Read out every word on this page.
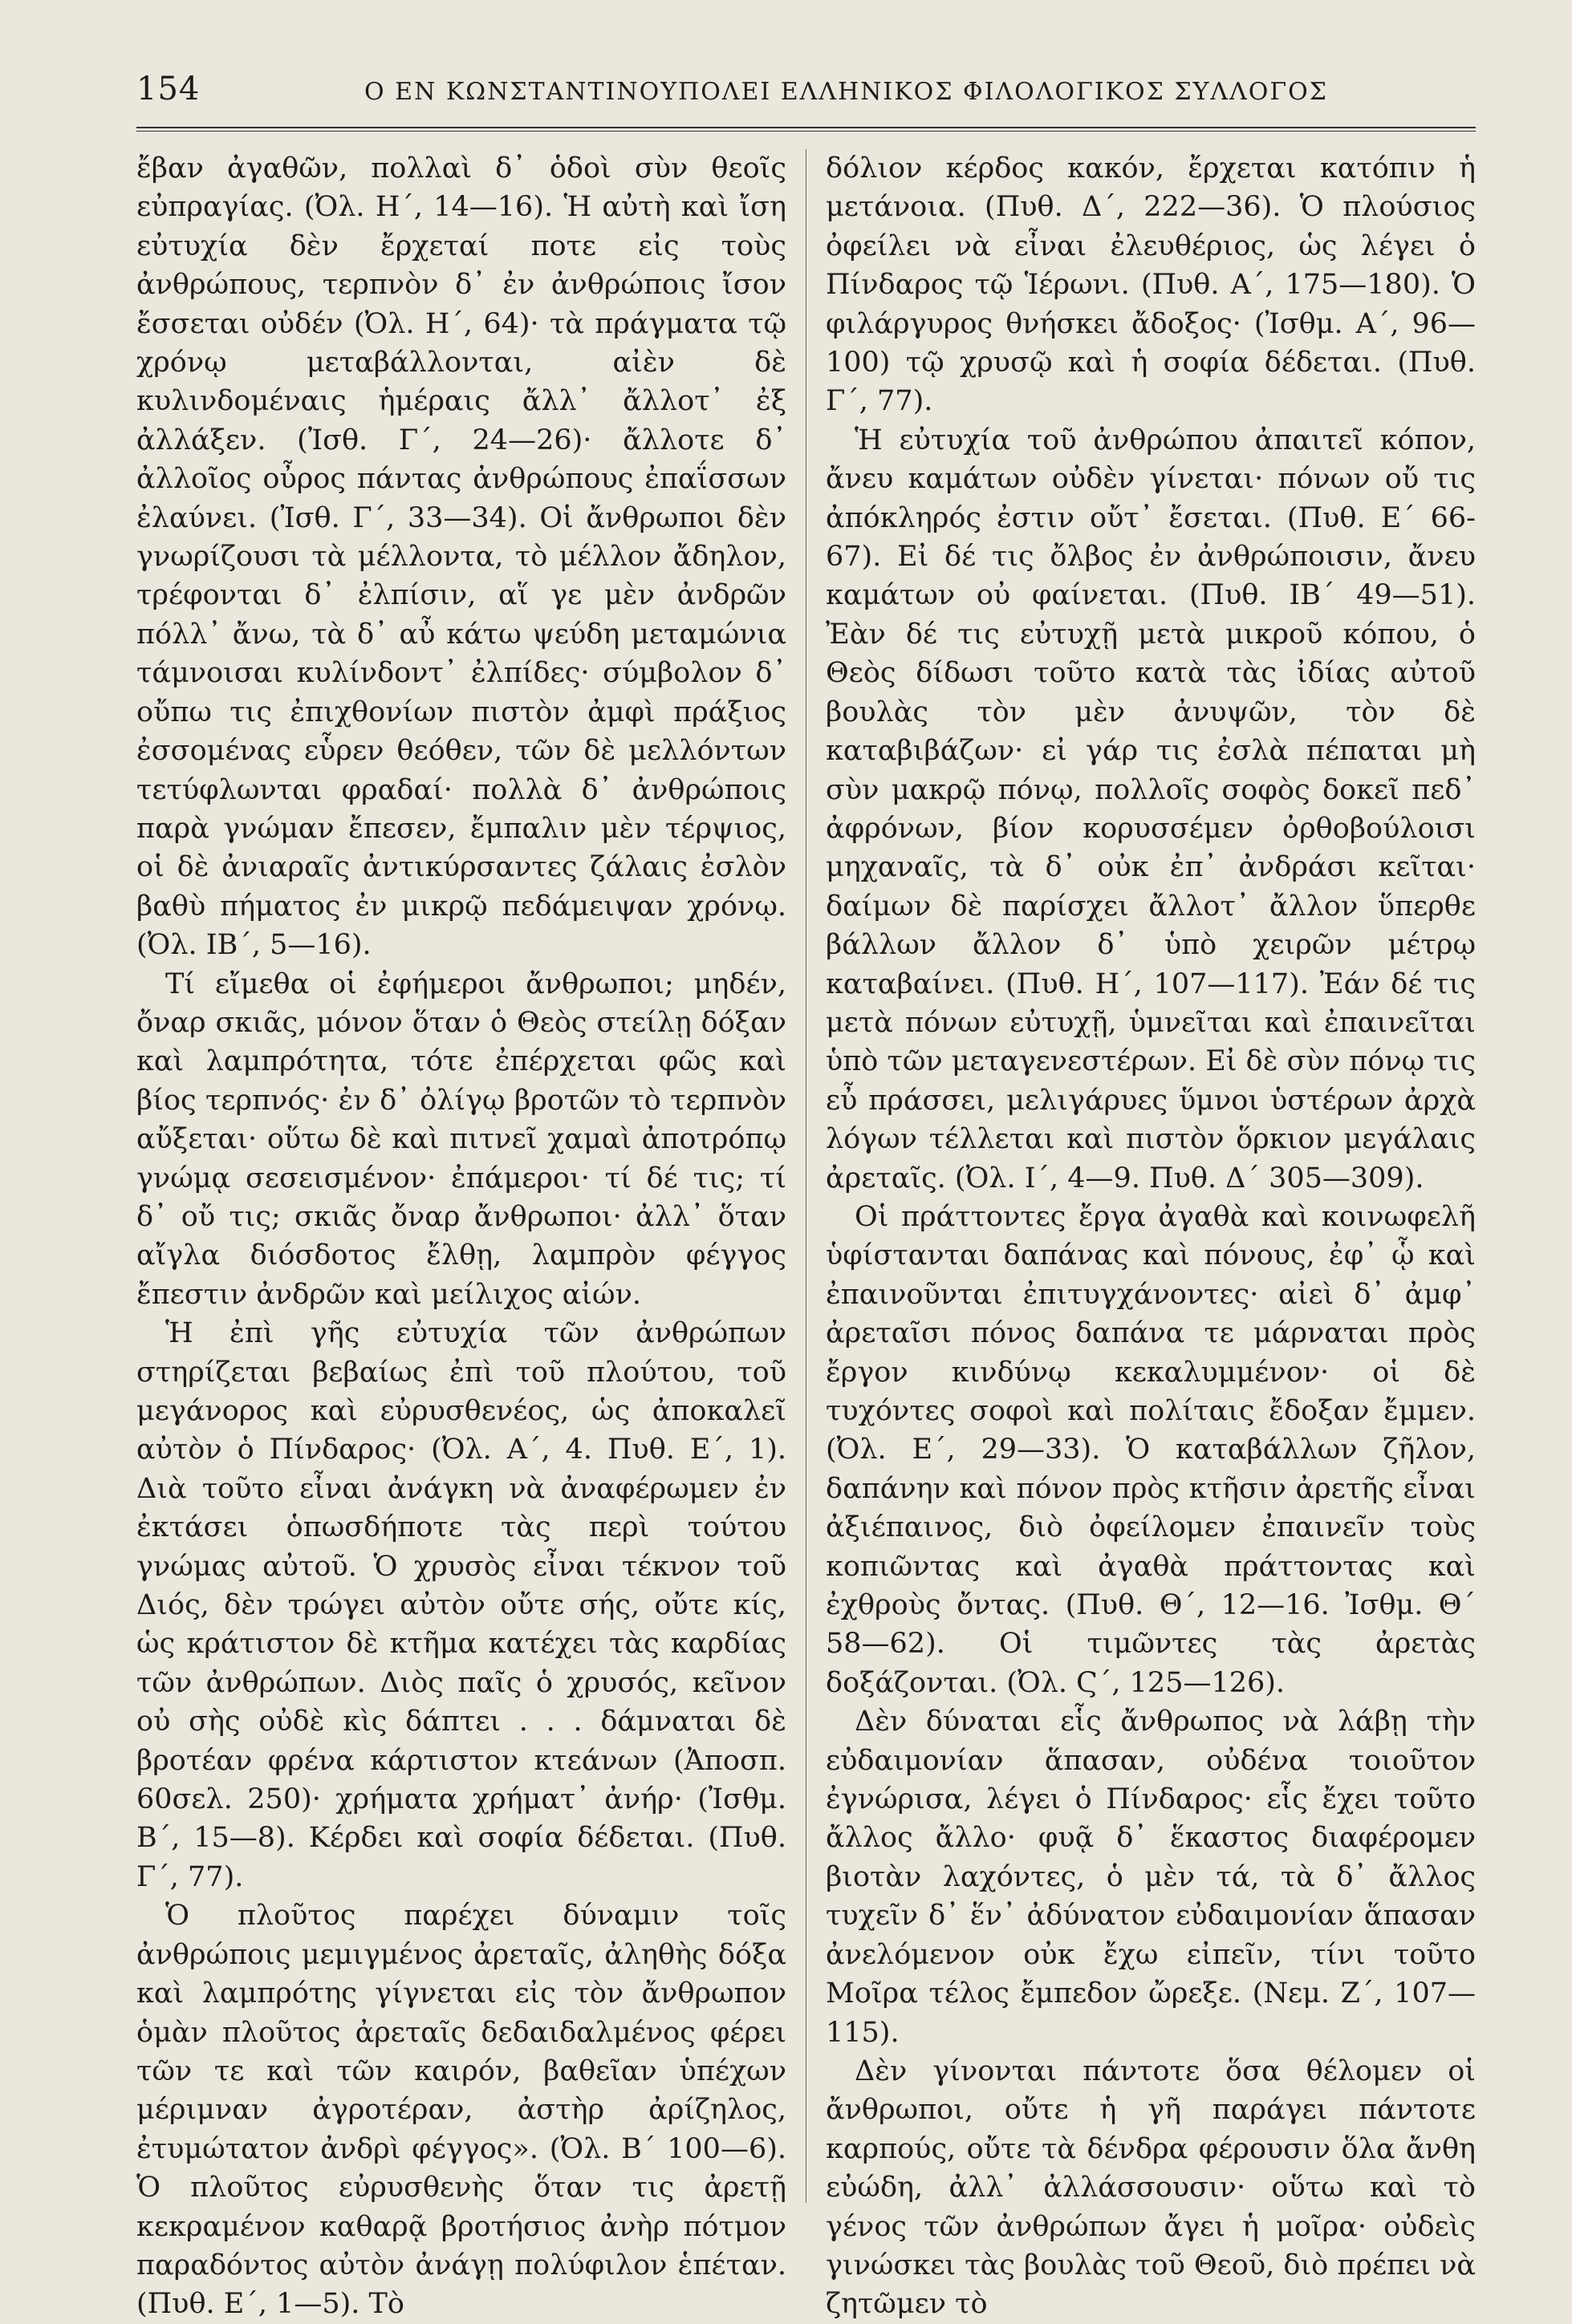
154	Ο ΕΝ ΚΩΝΣΤΑΝΤΙΝΟΥΠΟΛΕΙ ΕΛΛΗΝΙΚΟΣ ΦΙΛΟΛΟΓΙΚΟΣ ΣΥΛΛΟΓΟΣ

ἔβαν ἀγαθῶν, πολλαὶ δ᾽ ὁδοὶ σὺν θεοῖς εὐπραγίας. (Ὀλ. Η΄, 14—16). Ἡ αὐτὴ καὶ ἴση εὐτυχία δὲν ἔρχεταί ποτε εἰς τοὺς ἀνθρώπους, τερπνὸν δ᾽ ἐν ἀνθρώποις ἴσον ἔσσεται οὐδέν (Ὀλ. Η΄, 64)· τὰ πράγματα τῷ χρόνῳ μεταβάλλονται, αἰὲν δὲ κυλινδομέναις ἡμέραις ἄλλ᾽ ἄλλοτ᾽ ἐξ ἀλλάξεν. (Ἰσθ. Γ΄, 24—26)· ἄλλοτε δ᾽ ἀλλοῖος οὖρος πάντας ἀνθρώπους ἐπαΐσσων ἐλαύνει. (Ἰσθ. Γ΄, 33—34). Οἱ ἄνθρωποι δὲν γνωρίζουσι τὰ μέλλοντα, τὸ μέλλον ἄδηλον, τρέφονται δ᾽ ἐλπίσιν, αἵ γε μὲν ἀνδρῶν πόλλ᾽ ἄνω, τὰ δ᾽ αὖ κάτω ψεύδη μεταμώνια τάμνοισαι κυλίνδοντ᾽ ἐλπίδες· σύμβολον δ᾽ οὔπω τις ἐπιχθονίων πιστὸν ἀμφὶ πράξιος ἐσσομένας εὗρεν θεόθεν, τῶν δὲ μελλόντων τετύφλωνται φραδαί· πολλὰ δ᾽ ἀνθρώποις παρὰ γνώμαν ἔπεσεν, ἔμπαλιν μὲν τέρψιος, οἱ δὲ ἀνιαραῖς ἀντικύρσαντες ζάλαις ἐσλὸν βαθὺ πήματος ἐν μικρῷ πεδάμειψαν χρόνῳ. (Ὀλ. ΙΒ΄, 5—16).

Τί εἴμεθα οἱ ἐφήμεροι ἄνθρωποι; μηδέν, ὄναρ σκιᾶς, μόνον ὅταν ὁ Θεὸς στείλῃ δόξαν καὶ λαμπρότητα, τότε ἐπέρχεται φῶς καὶ βίος τερπνός· ἐν δ᾽ ὀλίγῳ βροτῶν τὸ τερπνὸν αὔξεται· οὕτω δὲ καὶ πιτνεῖ χαμαὶ ἀποτρόπῳ γνώμᾳ σεσεισμένον· ἐπάμεροι· τί δέ τις; τί δ᾽ οὔ τις; σκιᾶς ὄναρ ἄνθρωποι· ἀλλ᾽ ὅταν αἴγλα διόσδοτος ἔλθῃ, λαμπρὸν φέγγος ἔπεστιν ἀνδρῶν καὶ μείλιχος αἰών.

Ἡ ἐπὶ γῆς εὐτυχία τῶν ἀνθρώπων στηρίζεται βεβαίως ἐπὶ τοῦ πλούτου, τοῦ μεγάνορος καὶ εὐρυσθενέος, ὡς ἀποκαλεῖ αὐτὸν ὁ Πίνδαρος· (Ὀλ. Α΄, 4. Πυθ. Ε΄, 1). Διὰ τοῦτο εἶναι ἀνάγκη νὰ ἀναφέρωμεν ἐν ἐκτάσει ὁπωσδήποτε τὰς περὶ τούτου γνώμας αὐτοῦ. Ὁ χρυσὸς εἶναι τέκνον τοῦ Διός, δὲν τρώγει αὐτὸν οὔτε σής, οὔτε κίς, ὡς κράτιστον δὲ κτῆμα κατέχει τὰς καρδίας τῶν ἀνθρώπων. Διὸς παῖς ὁ χρυσός, κεῖνον οὐ σὴς οὐδὲ κὶς δάπτει . . . δάμναται δὲ βροτέαν φρένα κάρτιστον κτεάνων (Ἀποσπ. 60σελ. 250)· χρήματα χρήματ᾽ ἀνήρ· (Ἰσθμ. Β΄, 15—8). Κέρδει καὶ σοφία δέδεται. (Πυθ. Γ΄, 77).

Ὁ πλοῦτος παρέχει δύναμιν τοῖς ἀνθρώποις μεμιγμένος ἀρεταῖς, ἀληθὴς δόξα καὶ λαμπρότης γίγνεται εἰς τὸν ἄνθρωπον ὁμὰν πλοῦτος ἀρεταῖς δεδαιδαλμένος φέρει τῶν τε καὶ τῶν καιρόν, βαθεῖαν ὑπέχων μέριμναν ἀγροτέραν, ἀστὴρ ἀρίζηλος, ἐτυμώτατον ἀνδρὶ φέγγος». (Ὀλ. Β΄ 100—6). Ὁ πλοῦτος εὐρυσθενὴς ὅταν τις ἀρετῇ κεκραμένον καθαρᾷ βροτήσιος ἀνὴρ πότμον παραδόντος αὐτὸν ἀνάγῃ πολύφιλον ἑπέταν. (Πυθ. Ε΄, 1—5). Τὸ

δόλιον κέρδος κακόν, ἔρχεται κατόπιν ἡ μετάνοια. (Πυθ. Δ΄, 222—36). Ὁ πλούσιος ὀφείλει νὰ εἶναι ἐλευθέριος, ὡς λέγει ὁ Πίνδαρος τῷ Ἱέρωνι. (Πυθ. Α΄, 175—180). Ὁ φιλάργυρος θνήσκει ἄδοξος· (Ἰσθμ. Α΄, 96—100) τῷ χρυσῷ καὶ ἡ σοφία δέδεται. (Πυθ. Γ΄, 77).

Ἡ εὐτυχία τοῦ ἀνθρώπου ἀπαιτεῖ κόπον, ἄνευ καμάτων οὐδὲν γίνεται· πόνων οὔ τις ἀπόκληρός ἐστιν οὔτ᾽ ἔσεται. (Πυθ. Ε΄ 66-67). Εἰ δέ τις ὄλβος ἐν ἀνθρώποισιν, ἄνευ καμάτων οὐ φαίνεται. (Πυθ. ΙΒ΄ 49—51). Ἐὰν δέ τις εὐτυχῇ μετὰ μικροῦ κόπου, ὁ Θεὸς δίδωσι τοῦτο κατὰ τὰς ἰδίας αὐτοῦ βουλὰς τὸν μὲν ἀνυψῶν, τὸν δὲ καταβιβάζων· εἰ γάρ τις ἐσλὰ πέπαται μὴ σὺν μακρῷ πόνῳ, πολλοῖς σοφὸς δοκεῖ πεδ᾽ ἀφρόνων, βίον κορυσσέμεν ὀρθοβούλοισι μηχαναῖς, τὰ δ᾽ οὐκ ἐπ᾽ ἀνδράσι κεῖται· δαίμων δὲ παρίσχει ἄλλοτ᾽ ἄλλον ὕπερθε βάλλων ἄλλον δ᾽ ὑπὸ χειρῶν μέτρῳ καταβαίνει. (Πυθ. Η΄, 107—117). Ἐάν δέ τις μετὰ πόνων εὐτυχῇ, ὑμνεῖται καὶ ἐπαινεῖται ὑπὸ τῶν μεταγενεστέρων. Εἰ δὲ σὺν πόνῳ τις εὖ πράσσει, μελιγάρυες ὕμνοι ὑστέρων ἀρχὰ λόγων τέλλεται καὶ πιστὸν ὅρκιον μεγάλαις ἀρεταῖς. (Ὀλ. Ι΄, 4—9. Πυθ. Δ΄ 305—309).

Οἱ πράττοντες ἔργα ἀγαθὰ καὶ κοινωφελῆ ὑφίστανται δαπάνας καὶ πόνους, ἐφ᾽ ᾧ καὶ ἐπαινοῦνται ἐπιτυγχάνοντες· αἰεὶ δ᾽ ἀμφ᾽ ἀρεταῖσι πόνος δαπάνα τε μάρναται πρὸς ἔργον κινδύνῳ κεκαλυμμένον· οἱ δὲ τυχόντες σοφοὶ καὶ πολίταις ἔδοξαν ἔμμεν. (Ὀλ. Ε΄, 29—33). Ὁ καταβάλλων ζῆλον, δαπάνην καὶ πόνον πρὸς κτῆσιν ἀρετῆς εἶναι ἀξιέπαινος, διὸ ὀφείλομεν ἐπαινεῖν τοὺς κοπιῶντας καὶ ἀγαθὰ πράττοντας καὶ ἐχθροὺς ὄντας. (Πυθ. Θ΄, 12—16. Ἰσθμ. Θ΄ 58—62). Οἱ τιμῶντες τὰς ἀρετὰς δοξάζονται. (Ὀλ. Ϛ΄, 125—126).

Δὲν δύναται εἷς ἄνθρωπος νὰ λάβῃ τὴν εὐδαιμονίαν ἅπασαν, οὐδένα τοιοῦτον ἐγνώρισα, λέγει ὁ Πίνδαρος· εἷς ἔχει τοῦτο ἄλλος ἄλλο· φυᾷ δ᾽ ἕκαστος διαφέρομεν βιοτὰν λαχόντες, ὁ μὲν τά, τὰ δ᾽ ἄλλος τυχεῖν δ᾽ ἕν᾽ ἀδύνατον εὐδαιμονίαν ἅπασαν ἀνελόμενον οὐκ ἔχω εἰπεῖν, τίνι τοῦτο Μοῖρα τέλος ἔμπεδον ὤρεξε. (Νεμ. Ζ΄, 107—115).

Δὲν γίνονται πάντοτε ὅσα θέλομεν οἱ ἄνθρωποι, οὔτε ἡ γῆ παράγει πάντοτε καρπούς, οὔτε τὰ δένδρα φέρουσιν ὅλα ἄνθη εὐώδη, ἀλλ᾽ ἀλλάσσουσιν· οὕτω καὶ τὸ γένος τῶν ἀνθρώπων ἄγει ἡ μοῖρα· οὐδεὶς γινώσκει τὰς βουλὰς τοῦ Θεοῦ, διὸ πρέπει νὰ ζητῶμεν τὸ
